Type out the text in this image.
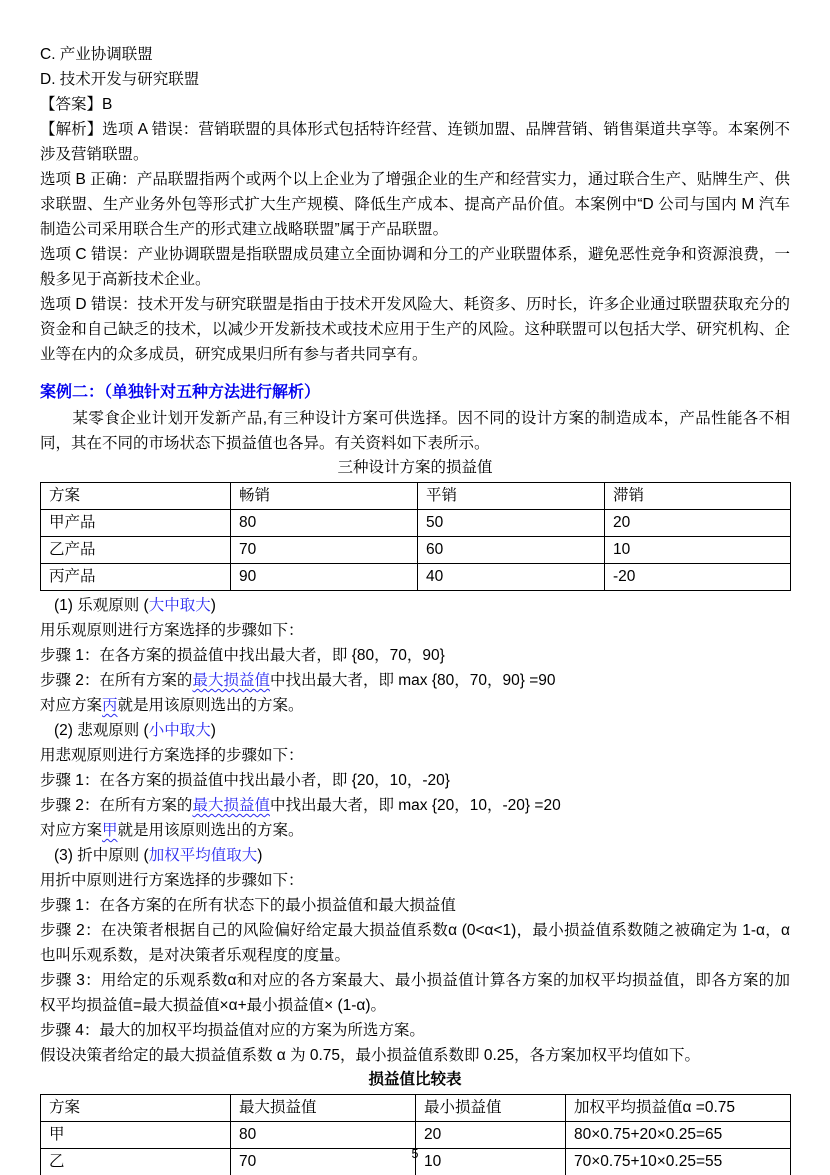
C. 产业协调联盟
D. 技术开发与研究联盟
【答案】B
【解析】选项 A 错误：营销联盟的具体形式包括特许经营、连锁加盟、品牌营销、销售渠道共享等。本案例不涉及营销联盟。
选项 B 正确：产品联盟指两个或两个以上企业为了增强企业的生产和经营实力，通过联合生产、贴牌生产、供求联盟、生产业务外包等形式扩大生产规模、降低生产成本、提高产品价值。本案例中“D 公司与国内 M 汽车制造公司采用联合生产的形式建立战略联盟”属于产品联盟。
选项 C 错误：产业协调联盟是指联盟成员建立全面协调和分工的产业联盟体系，避免恶性竞争和资源浪费，一般多见于高新技术企业。
选项 D 错误：技术开发与研究联盟是指由于技术开发风险大、耗资多、历时长，许多企业通过联盟获取充分的资金和自己缺乏的技术，以减少开发新技术或技术应用于生产的风险。这种联盟可以包括大学、研究机构、企业等在内的众多成员，研究成果归所有参与者共同享有。
案例二：（单独针对五种方法进行解析）
某零食企业计划开发新产品,有三种设计方案可供选择。因不同的设计方案的制造成本，产品性能各不相同，其在不同的市场状态下损益值也各异。有关资料如下表所示。
三种设计方案的损益值
方案	畅销	平销	滞销
甲产品	80	50	20
乙产品	70	60	10
丙产品	90	40	-20
(1) 乐观原则 (大中取大)
用乐观原则进行方案选择的步骤如下：
步骤 1：在各方案的损益值中找出最大者，即 {80，70，90}
步骤 2：在所有方案的最大损益值中找出最大者，即 max {80，70，90} =90
对应方案丙就是用该原则选出的方案。
(2) 悲观原则 (小中取大)
用悲观原则进行方案选择的步骤如下：
步骤 1：在各方案的损益值中找出最小者，即 {20，10，-20}
步骤 2：在所有方案的最大损益值中找出最大者，即 max {20，10，-20} =20
对应方案甲就是用该原则选出的方案。
(3) 折中原则 (加权平均值取大)
用折中原则进行方案选择的步骤如下：
步骤 1：在各方案的在所有状态下的最小损益值和最大损益值
步骤 2：在决策者根据自己的风险偏好给定最大损益值系数α (0<α<1)，最小损益值系数随之被确定为 1-α，α也叫乐观系数，是对决策者乐观程度的度量。
步骤 3：用给定的乐观系数α和对应的各方案最大、最小损益值计算各方案的加权平均损益值，即各方案的加权平均损益值=最大损益值×α+最小损益值× (1-α)。
步骤 4：最大的加权平均损益值对应的方案为所选方案。
假设决策者给定的最大损益值系数 α 为 0.75，最小损益值系数即 0.25，各方案加权平均值如下。
损益值比较表
方案	最大损益值	最小损益值	加权平均损益值α =0.75
甲	80	20	80×0.75+20×0.25=65
乙	70	10	70×0.75+10×0.25=55
5
